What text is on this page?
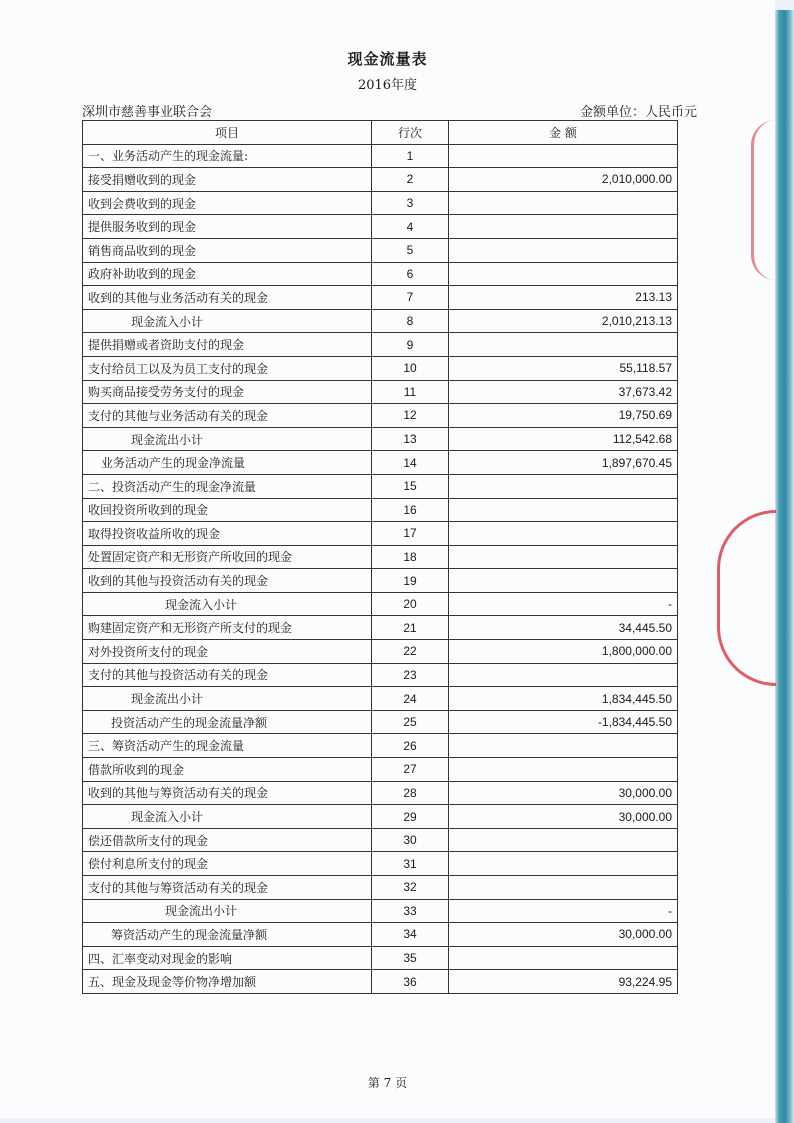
现金流量表
2016年度
深圳市慈善事业联合会	金额单位：人民币元
项目	行次	金 额
一、业务活动产生的现金流量:	1	
接受捐赠收到的现金	2	2,010,000.00
收到会费收到的现金	3	
提供服务收到的现金	4	
销售商品收到的现金	5	
政府补助收到的现金	6	
收到的其他与业务活动有关的现金	7	213.13
现金流入小计	8	2,010,213.13
提供捐赠或者资助支付的现金	9	
支付给员工以及为员工支付的现金	10	55,118.57
购买商品接受劳务支付的现金	11	37,673.42
支付的其他与业务活动有关的现金	12	19,750.69
现金流出小计	13	112,542.68
业务活动产生的现金净流量	14	1,897,670.45
二、投资活动产生的现金净流量	15	
收回投资所收到的现金	16	
取得投资收益所收的现金	17	
处置固定资产和无形资产所收回的现金	18	
收到的其他与投资活动有关的现金	19	
现金流入小计	20	-
购建固定资产和无形资产所支付的现金	21	34,445.50
对外投资所支付的现金	22	1,800,000.00
支付的其他与投资活动有关的现金	23	
现金流出小计	24	1,834,445.50
投资活动产生的现金流量净额	25	-1,834,445.50
三、筹资活动产生的现金流量	26	
借款所收到的现金	27	
收到的其他与筹资活动有关的现金	28	30,000.00
现金流入小计	29	30,000.00
偿还借款所支付的现金	30	
偿付利息所支付的现金	31	
支付的其他与筹资活动有关的现金	32	
现金流出小计	33	-
筹资活动产生的现金流量净额	34	30,000.00
四、汇率变动对现金的影响	35	
五、现金及现金等价物净增加额	36	93,224.95
第 7 页
